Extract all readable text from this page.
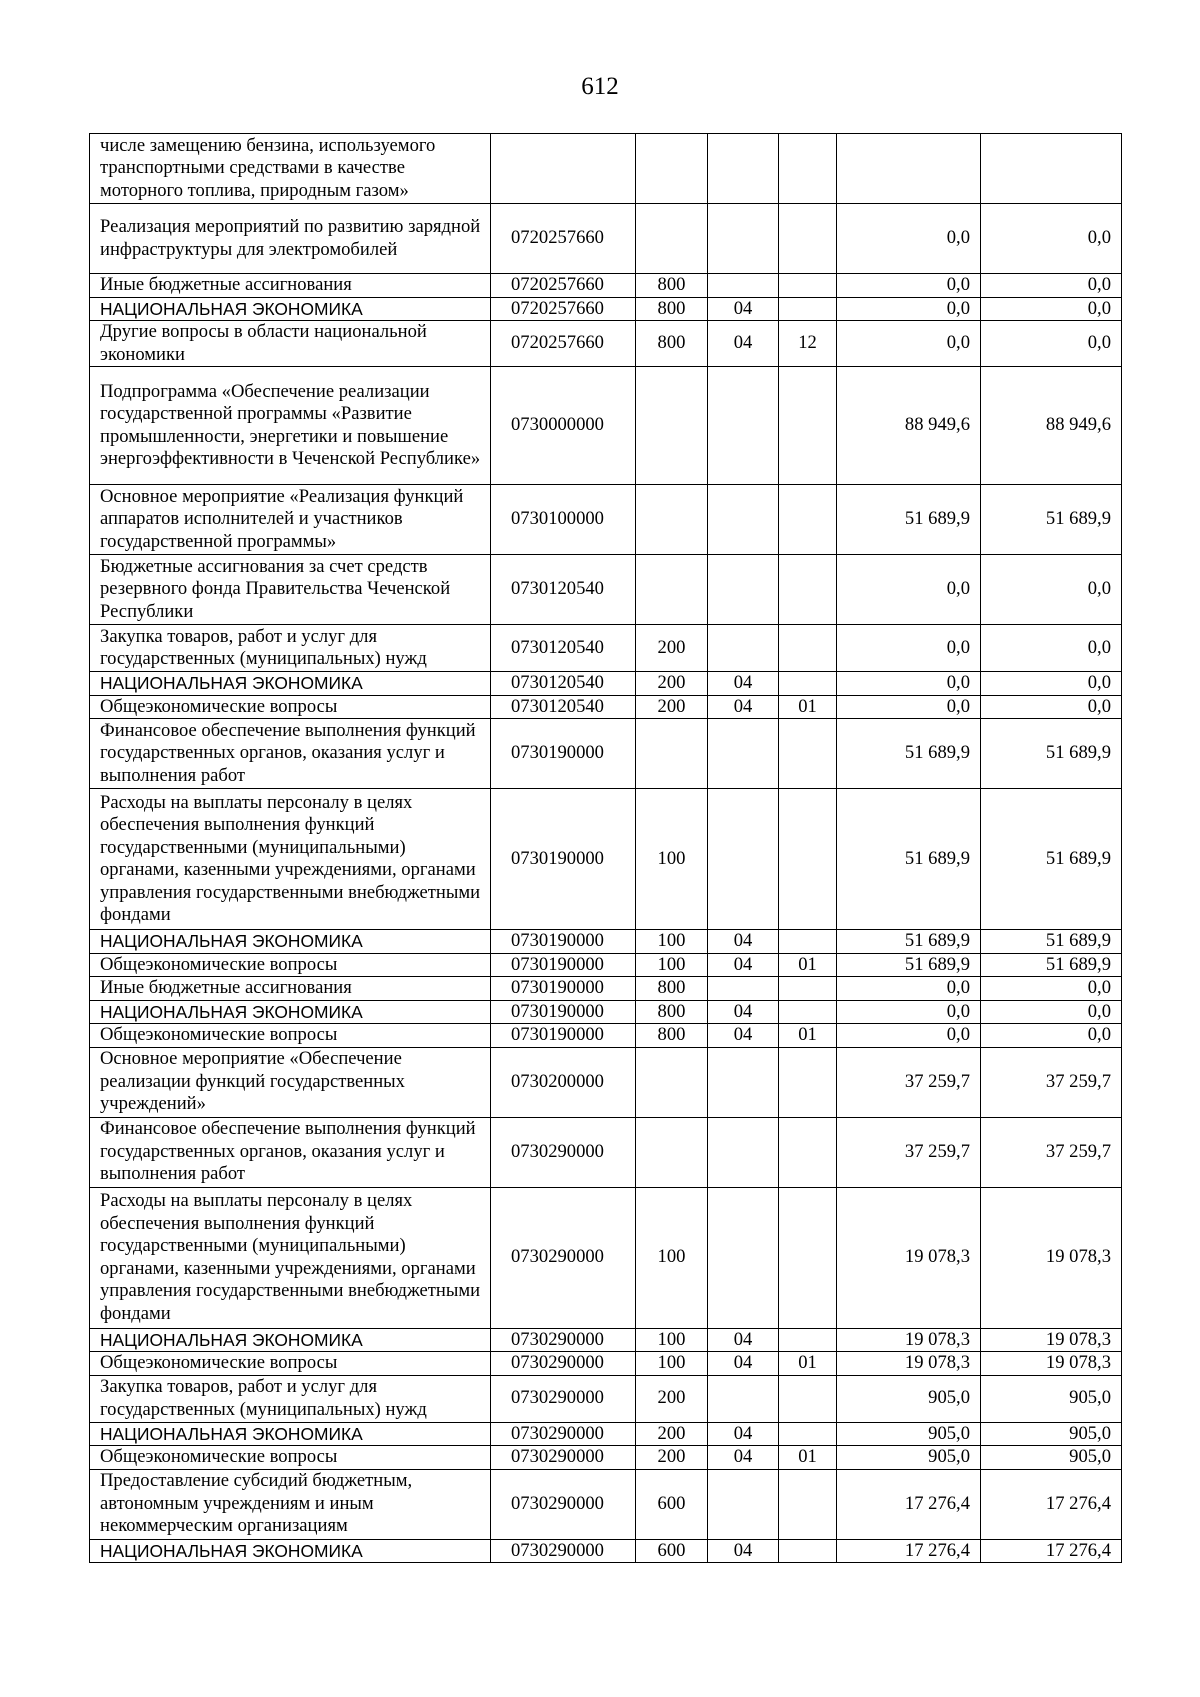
612
числе замещению бензина, используемого транспортными средствами в качестве моторного топлива, природным газом»						
Реализация мероприятий по развитию зарядной инфраструктуры для электромобилей	0720257660				0,0	0,0
Иные бюджетные ассигнования	0720257660	800			0,0	0,0
НАЦИОНАЛЬНАЯ ЭКОНОМИКА	0720257660	800	04		0,0	0,0
Другие вопросы в области национальной экономики	0720257660	800	04	12	0,0	0,0
Подпрограмма «Обеспечение реализации государственной программы «Развитие промышленности, энергетики и повышение энергоэффективности в Чеченской Республике»	0730000000				88 949,6	88 949,6
Основное мероприятие «Реализация функций аппаратов исполнителей и участников государственной программы»	0730100000				51 689,9	51 689,9
Бюджетные ассигнования за счет средств резервного фонда Правительства Чеченской Республики	0730120540				0,0	0,0
Закупка товаров, работ и услуг для государственных (муниципальных) нужд	0730120540	200			0,0	0,0
НАЦИОНАЛЬНАЯ ЭКОНОМИКА	0730120540	200	04		0,0	0,0
Общеэкономические вопросы	0730120540	200	04	01	0,0	0,0
Финансовое обеспечение выполнения функций государственных органов, оказания услуг и выполнения работ	0730190000				51 689,9	51 689,9
Расходы на выплаты персоналу в целях обеспечения выполнения функций государственными (муниципальными) органами, казенными учреждениями, органами управления государственными внебюджетными фондами	0730190000	100			51 689,9	51 689,9
НАЦИОНАЛЬНАЯ ЭКОНОМИКА	0730190000	100	04		51 689,9	51 689,9
Общеэкономические вопросы	0730190000	100	04	01	51 689,9	51 689,9
Иные бюджетные ассигнования	0730190000	800			0,0	0,0
НАЦИОНАЛЬНАЯ ЭКОНОМИКА	0730190000	800	04		0,0	0,0
Общеэкономические вопросы	0730190000	800	04	01	0,0	0,0
Основное мероприятие «Обеспечение реализации функций государственных учреждений»	0730200000				37 259,7	37 259,7
Финансовое обеспечение выполнения функций государственных органов, оказания услуг и выполнения работ	0730290000				37 259,7	37 259,7
Расходы на выплаты персоналу в целях обеспечения выполнения функций государственными (муниципальными) органами, казенными учреждениями, органами управления государственными внебюджетными фондами	0730290000	100			19 078,3	19 078,3
НАЦИОНАЛЬНАЯ ЭКОНОМИКА	0730290000	100	04		19 078,3	19 078,3
Общеэкономические вопросы	0730290000	100	04	01	19 078,3	19 078,3
Закупка товаров, работ и услуг для государственных (муниципальных) нужд	0730290000	200			905,0	905,0
НАЦИОНАЛЬНАЯ ЭКОНОМИКА	0730290000	200	04		905,0	905,0
Общеэкономические вопросы	0730290000	200	04	01	905,0	905,0
Предоставление субсидий бюджетным, автономным учреждениям и иным некоммерческим организациям	0730290000	600			17 276,4	17 276,4
НАЦИОНАЛЬНАЯ ЭКОНОМИКА	0730290000	600	04		17 276,4	17 276,4
